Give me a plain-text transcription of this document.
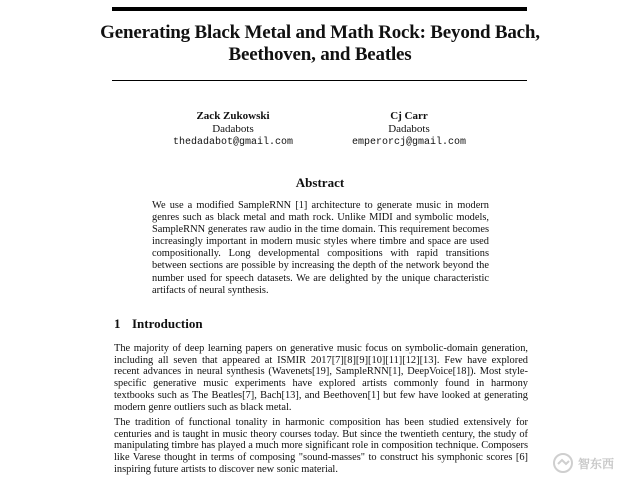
Generating Black Metal and Math Rock: Beyond Bach, Beethoven, and Beatles
Zack Zukowski
Dadabots
thedadabot@gmail.com
Cj Carr
Dadabots
emperorcj@gmail.com
Abstract
We use a modified SampleRNN [1] architecture to generate music in modern genres such as black metal and math rock. Unlike MIDI and symbolic models, SampleRNN generates raw audio in the time domain. This requirement becomes increasingly important in modern music styles where timbre and space are used compositionally. Long developmental compositions with rapid transitions between sections are possible by increasing the depth of the network beyond the number used for speech datasets. We are delighted by the unique characteristic artifacts of neural synthesis.
1 Introduction
The majority of deep learning papers on generative music focus on symbolic-domain generation, including all seven that appeared at ISMIR 2017[7][8][9][10][11][12][13]. Few have explored recent advances in neural synthesis (Wavenets[19], SampleRNN[1], DeepVoice[18]). Most style-specific generative music experiments have explored artists commonly found in harmony textbooks such as The Beatles[7], Bach[13], and Beethoven[1] but few have looked at generating modern genre outliers such as black metal.
The tradition of functional tonality in harmonic composition has been studied extensively for centuries and is taught in music theory courses today. But since the twentieth century, the study of manipulating timbre has played a much more significant role in composition technique. Composers like Varese thought in terms of composing "sound-masses" to construct his symphonic scores [6] inspiring future artists to discover new sonic material.	智东西
